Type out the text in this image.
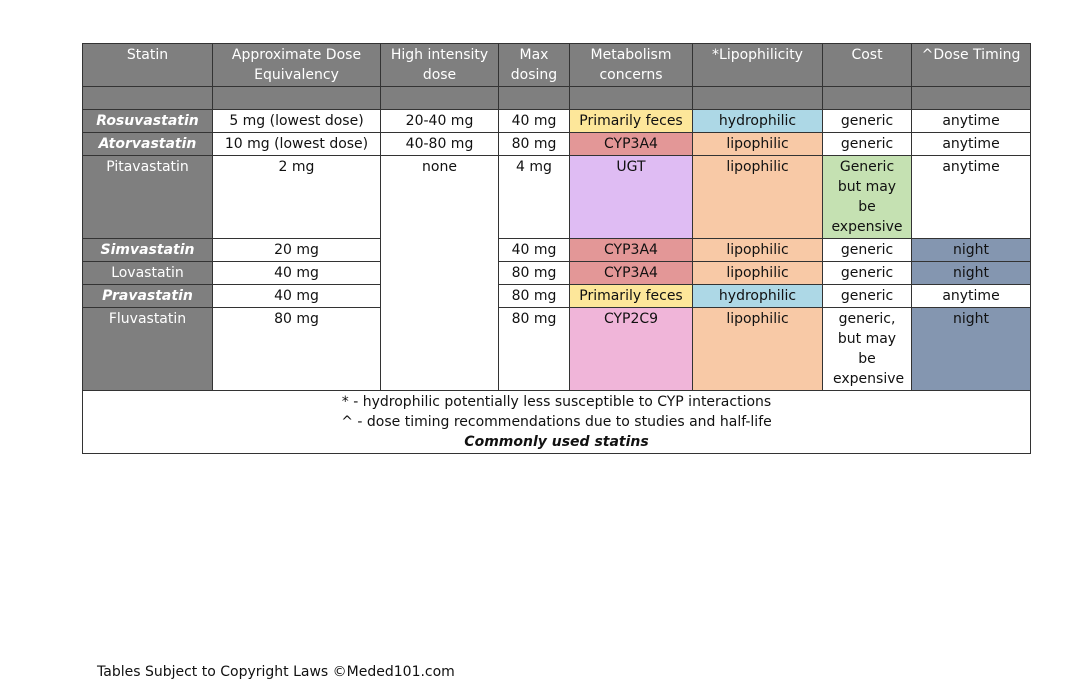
Statin	Approximate Dose Equivalency	High intensity dose	Max dosing	Metabolism concerns	*Lipophilicity	Cost	^Dose Timing

Rosuvastatin	5 mg (lowest dose)	20-40 mg	40 mg	Primarily feces	hydrophilic	generic	anytime
Atorvastatin	10 mg (lowest dose)	40-80 mg	80 mg	CYP3A4	lipophilic	generic	anytime
Pitavastatin	2 mg	none	4 mg	UGT	lipophilic	Generic but may be expensive	anytime
Simvastatin	20 mg		40 mg	CYP3A4	lipophilic	generic	night
Lovastatin	40 mg		80 mg	CYP3A4	lipophilic	generic	night
Pravastatin	40 mg		80 mg	Primarily feces	hydrophilic	generic	anytime
Fluvastatin	80 mg		80 mg	CYP2C9	lipophilic	generic, but may be expensive	night

* - hydrophilic potentially less susceptible to CYP interactions
^ - dose timing recommendations due to studies and half-life
Commonly used statins							
Tables Subject to Copyright Laws ©Meded101.com
